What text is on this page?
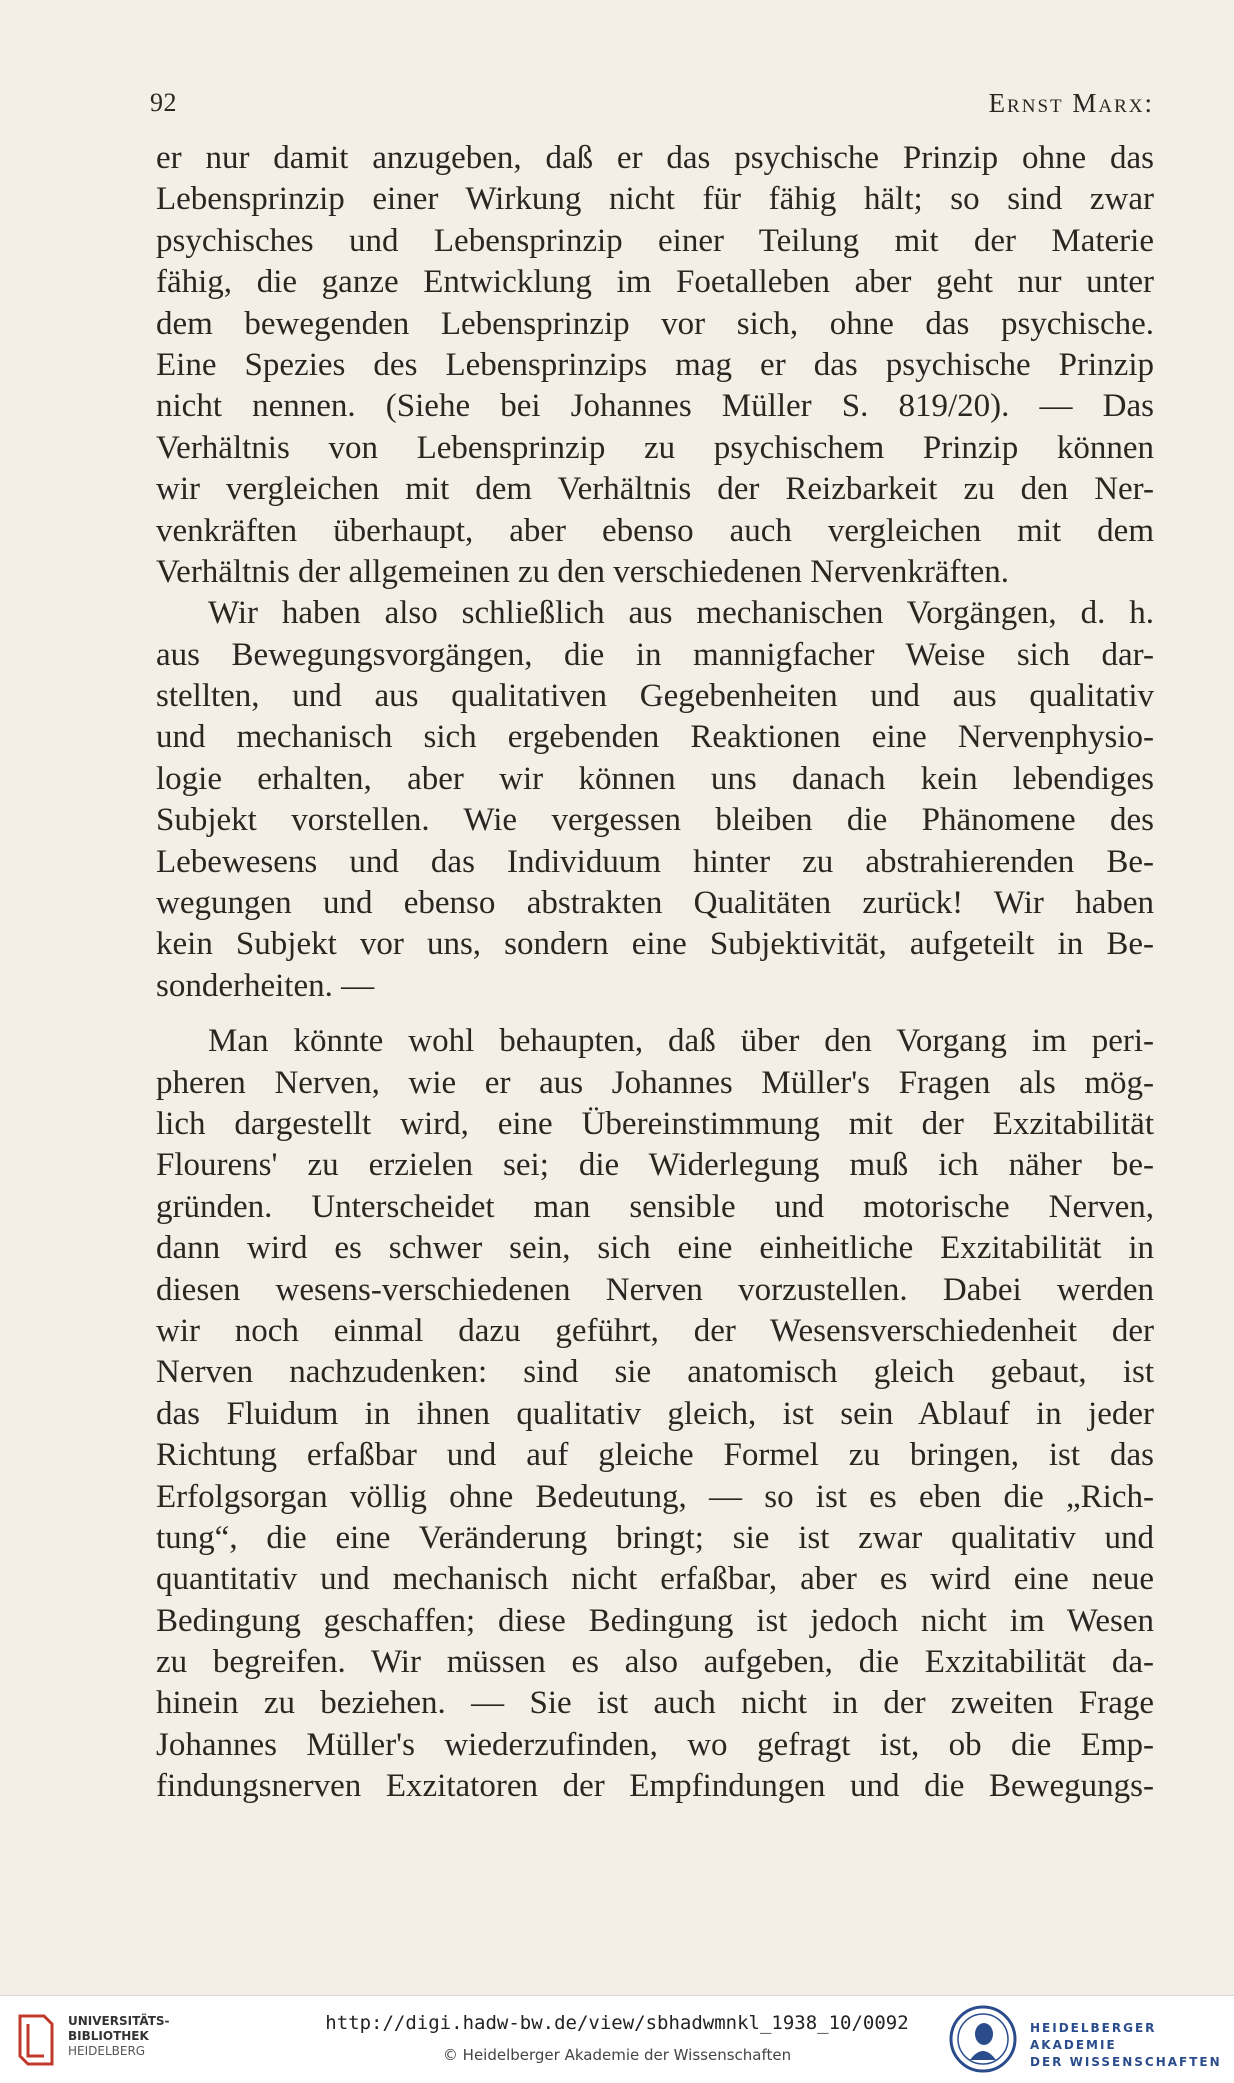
92	Ernst Marx:
er nur damit anzugeben, daß er das psychische Prinzip ohne das
Lebensprinzip einer Wirkung nicht für fähig hält; so sind zwar
psychisches und Lebensprinzip einer Teilung mit der Materie
fähig, die ganze Entwicklung im Foetalleben aber geht nur unter
dem bewegenden Lebensprinzip vor sich, ohne das psychische.
Eine Spezies des Lebensprinzips mag er das psychische Prinzip
nicht nennen. (Siehe bei Johannes Müller S. 819/20). — Das
Verhältnis von Lebensprinzip zu psychischem Prinzip können
wir vergleichen mit dem Verhältnis der Reizbarkeit zu den Ner-
venkräften überhaupt, aber ebenso auch vergleichen mit dem
Verhältnis der allgemeinen zu den verschiedenen Nervenkräften.
Wir haben also schließlich aus mechanischen Vorgängen, d. h.
aus Bewegungsvorgängen, die in mannigfacher Weise sich dar-
stellten, und aus qualitativen Gegebenheiten und aus qualitativ
und mechanisch sich ergebenden Reaktionen eine Nervenphysio-
logie erhalten, aber wir können uns danach kein lebendiges
Subjekt vorstellen. Wie vergessen bleiben die Phänomene des
Lebewesens und das Individuum hinter zu abstrahierenden Be-
wegungen und ebenso abstrakten Qualitäten zurück! Wir haben
kein Subjekt vor uns, sondern eine Subjektivität, aufgeteilt in Be-
sonderheiten. —
Man könnte wohl behaupten, daß über den Vorgang im peri-
pheren Nerven, wie er aus Johannes Müller's Fragen als mög-
lich dargestellt wird, eine Übereinstimmung mit der Exzitabilität
Flourens' zu erzielen sei; die Widerlegung muß ich näher be-
gründen. Unterscheidet man sensible und motorische Nerven,
dann wird es schwer sein, sich eine einheitliche Exzitabilität in
diesen wesens-verschiedenen Nerven vorzustellen. Dabei werden
wir noch einmal dazu geführt, der Wesensverschiedenheit der
Nerven nachzudenken: sind sie anatomisch gleich gebaut, ist
das Fluidum in ihnen qualitativ gleich, ist sein Ablauf in jeder
Richtung erfaßbar und auf gleiche Formel zu bringen, ist das
Erfolgsorgan völlig ohne Bedeutung, — so ist es eben die „Rich-
tung“, die eine Veränderung bringt; sie ist zwar qualitativ und
quantitativ und mechanisch nicht erfaßbar, aber es wird eine neue
Bedingung geschaffen; diese Bedingung ist jedoch nicht im Wesen
zu begreifen. Wir müssen es also aufgeben, die Exzitabilität da-
hinein zu beziehen. — Sie ist auch nicht in der zweiten Frage
Johannes Müller's wiederzufinden, wo gefragt ist, ob die Emp-
findungsnerven Exzitatoren der Empfindungen und die Bewegungs-
UNIVERSITÄTS-
BIBLIOTHEK
HEIDELBERG
http://digi.hadw-bw.de/view/sbhadwmnkl_1938_10/0092
© Heidelberger Akademie der Wissenschaften
HEIDELBERGER AKADEMIE
DER WISSENSCHAFTEN
